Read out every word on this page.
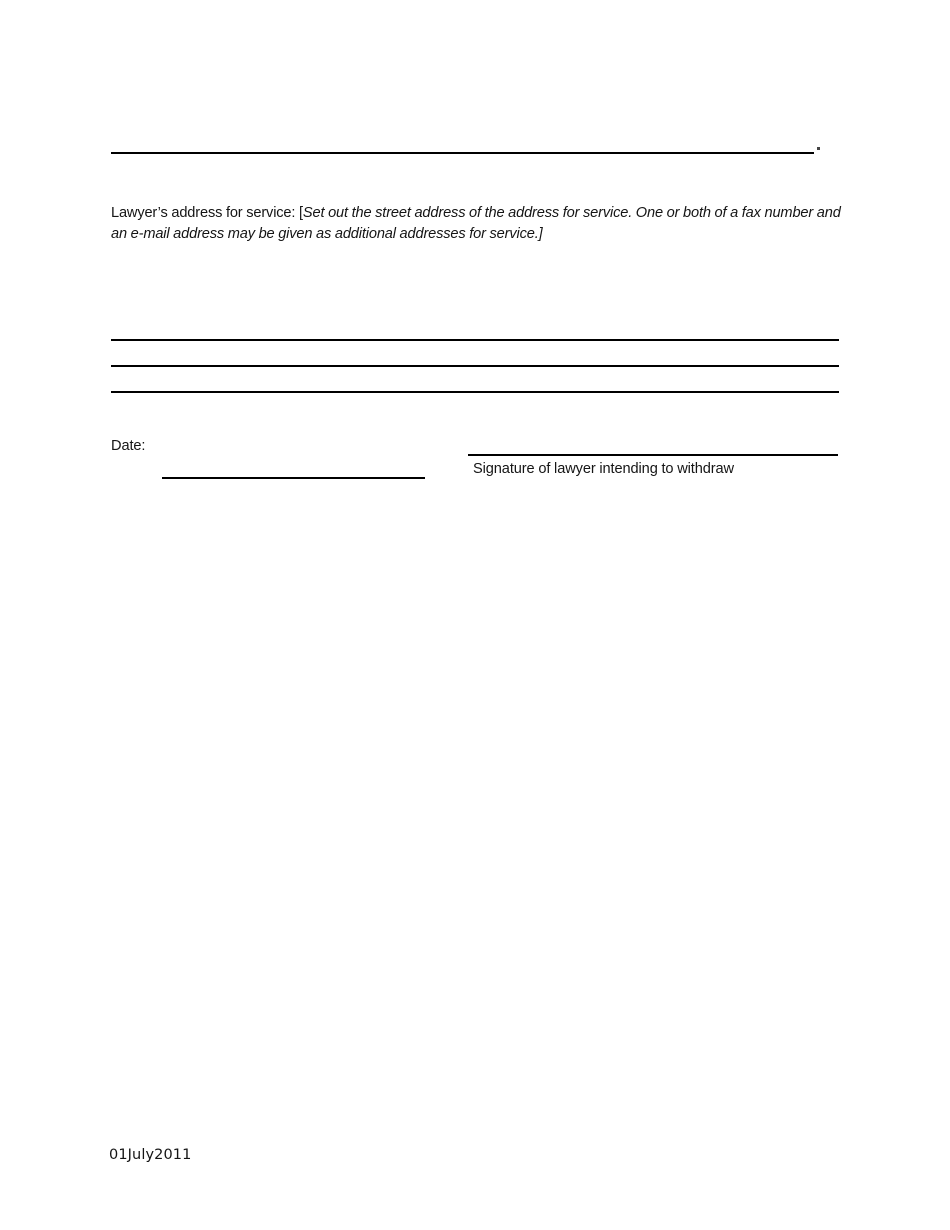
Lawyer’s address for service: [Set out the street address of the address for service. One or both of a fax number and an e-mail address may be given as additional addresses for service.]

Date:
Signature of lawyer intending to withdraw
01July2011
